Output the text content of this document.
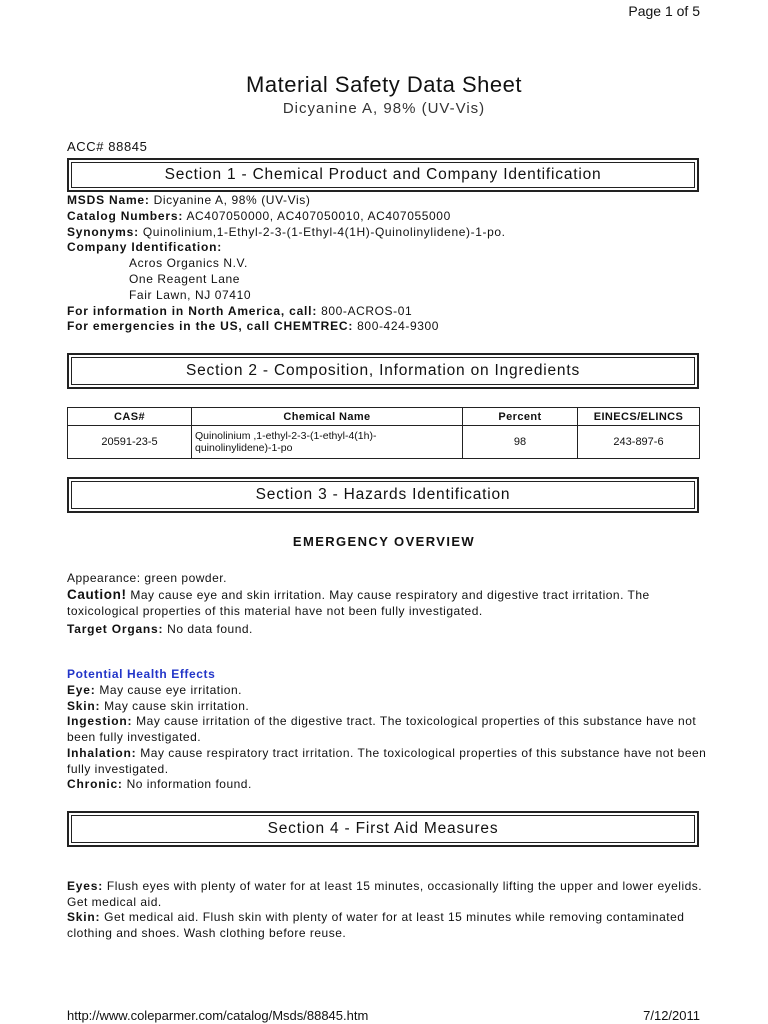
Page 1 of 5
Material Safety Data Sheet
Dicyanine A, 98% (UV-Vis)
ACC# 88845
Section 1 - Chemical Product and Company Identification
MSDS Name: Dicyanine A, 98% (UV-Vis)
Catalog Numbers: AC407050000, AC407050010, AC407055000
Synonyms: Quinolinium,1-Ethyl-2-3-(1-Ethyl-4(1H)-Quinolinylidene)-1-po.
Company Identification:
Acros Organics N.V.
One Reagent Lane
Fair Lawn, NJ 07410
For information in North America, call: 800-ACROS-01
For emergencies in the US, call CHEMTREC: 800-424-9300
Section 2 - Composition, Information on Ingredients
CAS#	Chemical Name	Percent	EINECS/ELINCS
20591-23-5	Quinolinium ,1-ethyl-2-3-(1-ethyl-4(1h)-quinolinylidene)-1-po	98	243-897-6
Section 3 - Hazards Identification
EMERGENCY OVERVIEW
Appearance: green powder.
Caution! May cause eye and skin irritation. May cause respiratory and digestive tract irritation. The toxicological properties of this material have not been fully investigated.
Target Organs: No data found.
Potential Health Effects
Eye: May cause eye irritation.
Skin: May cause skin irritation.
Ingestion: May cause irritation of the digestive tract. The toxicological properties of this substance have not been fully investigated.
Inhalation: May cause respiratory tract irritation. The toxicological properties of this substance have not been fully investigated.
Chronic: No information found.
Section 4 - First Aid Measures
Eyes: Flush eyes with plenty of water for at least 15 minutes, occasionally lifting the upper and lower eyelids. Get medical aid.
Skin: Get medical aid. Flush skin with plenty of water for at least 15 minutes while removing contaminated clothing and shoes. Wash clothing before reuse.
http://www.coleparmer.com/catalog/Msds/88845.htm	7/12/2011
